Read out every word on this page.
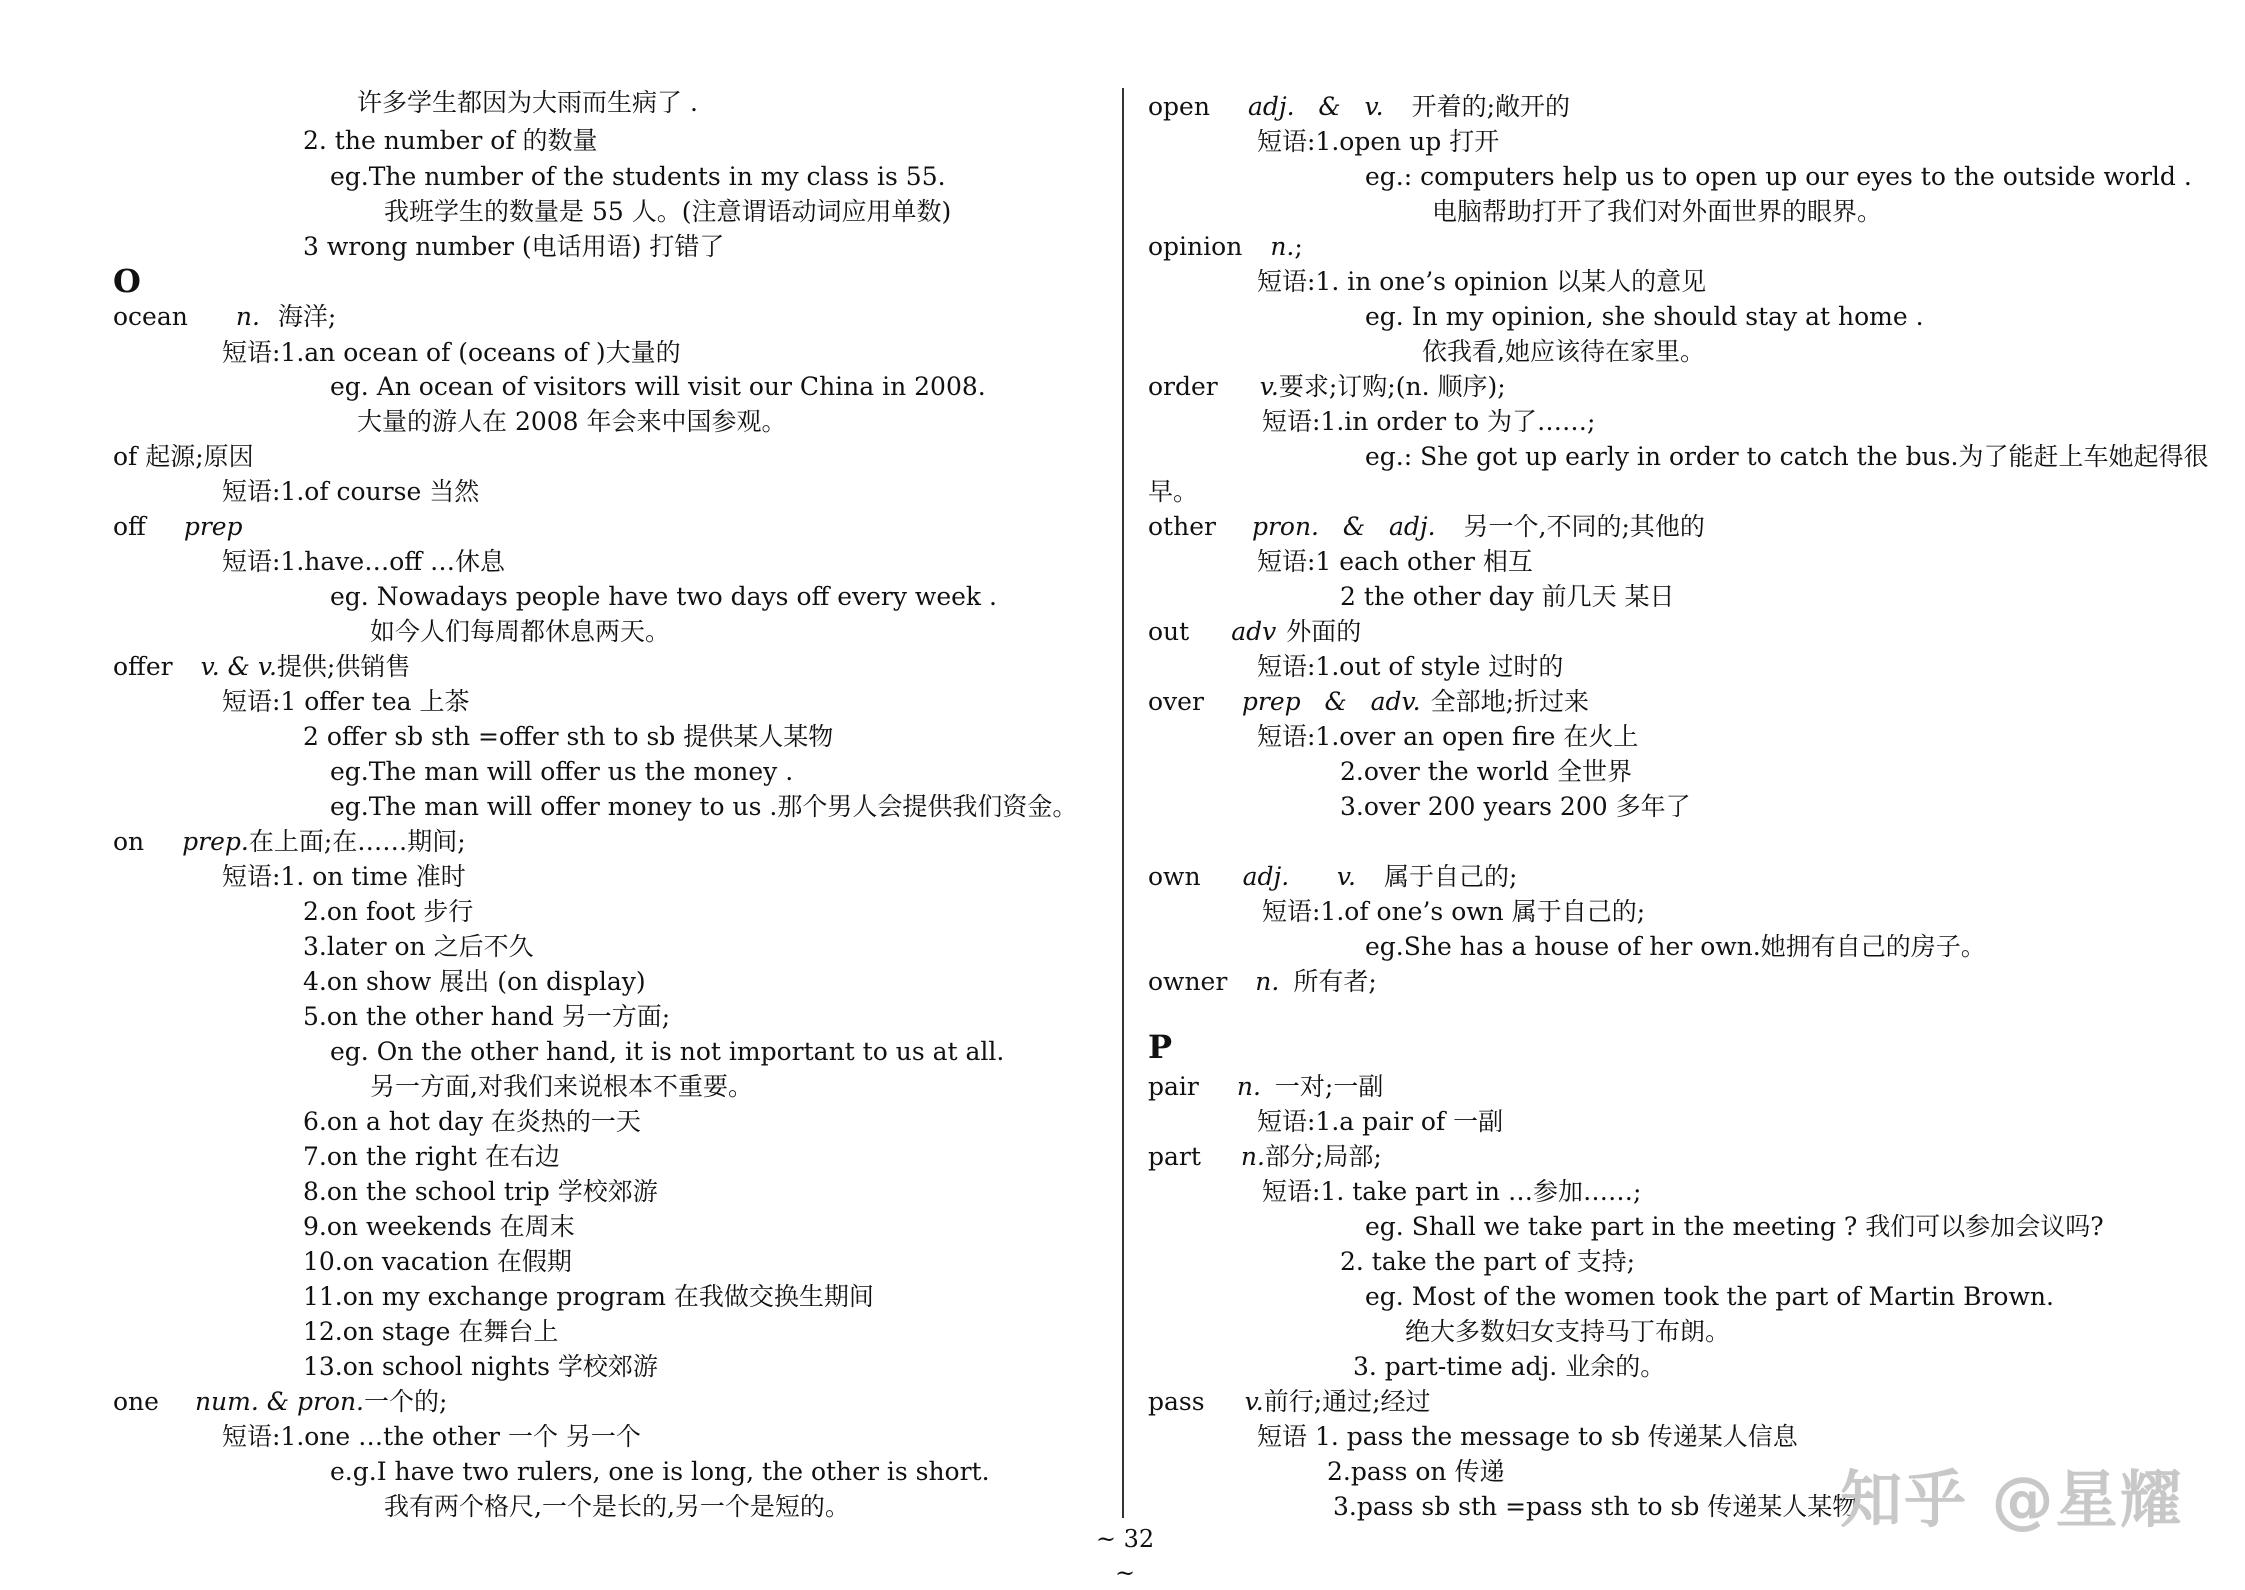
许多学生都因为大雨而生病了 .
2. the number of 的数量
eg.The number of the students in my class is 55.
我班学生的数量是 55 人。(注意谓语动词应用单数)
3 wrong number (电话用语) 打错了
O
ocean n. 海洋;
短语:1.an ocean of (oceans of )大量的
eg. An ocean of visitors will visit our China in 2008.
大量的游人在 2008 年会来中国参观。
of 起源;原因
短语:1.of course 当然
off prep
短语:1.have…off …休息
eg. Nowadays people have two days off every week .
如今人们每周都休息两天。
offer v. & v.提供;供销售
短语:1 offer tea 上茶
2 offer sb sth =offer sth to sb 提供某人某物
eg.The man will offer us the money .
eg.The man will offer money to us .那个男人会提供我们资金。
on prep.在上面;在……期间;
短语:1. on time 准时
2.on foot 步行
3.later on 之后不久
4.on show 展出 (on display)
5.on the other hand 另一方面;
eg. On the other hand, it is not important to us at all.
另一方面,对我们来说根本不重要。
6.on a hot day 在炎热的一天
7.on the right 在右边
8.on the school trip 学校郊游
9.on weekends 在周末
10.on vacation 在假期
11.on my exchange program 在我做交换生期间
12.on stage 在舞台上
13.on school nights 学校郊游
one num. & pron.一个的;
短语:1.one …the other 一个 另一个
e.g.I have two rulers, one is long, the other is short.
我有两个格尺,一个是长的,另一个是短的。
open adj.   &   v. 开着的;敞开的
短语:1.open up 打开
eg.: computers help us to open up our eyes to the outside world .
电脑帮助打开了我们对外面世界的眼界。
opinion n.;
短语:1. in one’s opinion 以某人的意见
eg. In my opinion, she should stay at home .
依我看,她应该待在家里。
order v.要求;订购;(n. 顺序);
短语:1.in order to 为了……;
eg.: She got up early in order to catch the bus.为了能赶上车她起得很
早。
other pron.   &   adj. 另一个,不同的;其他的
短语:1 each other 相互
2 the other day 前几天 某日
out adv 外面的
短语:1.out of style 过时的
over prep   &   adv. 全部地;折过来
短语:1.over an open fire 在火上
2.over the world 全世界
3.over 200 years 200 多年了
own adj.      v. 属于自己的;
短语:1.of one’s own 属于自己的;
eg.She has a house of her own.她拥有自己的房子。
owner n. 所有者;
P
pair n. 一对;一副
短语:1.a pair of 一副
part n.部分;局部;
短语:1. take part in …参加……;
eg. Shall we take part in the meeting ? 我们可以参加会议吗?
2. take the part of 支持;
eg. Most of the women took the part of Martin Brown.
绝大多数妇女支持马丁布朗。
3. part-time adj. 业余的。
pass v.前行;通过;经过
短语 1. pass the message to sb 传递某人信息
2.pass on 传递
3.pass sb sth =pass sth to sb 传递某人某物
~ 32 ~
知乎 @星耀
